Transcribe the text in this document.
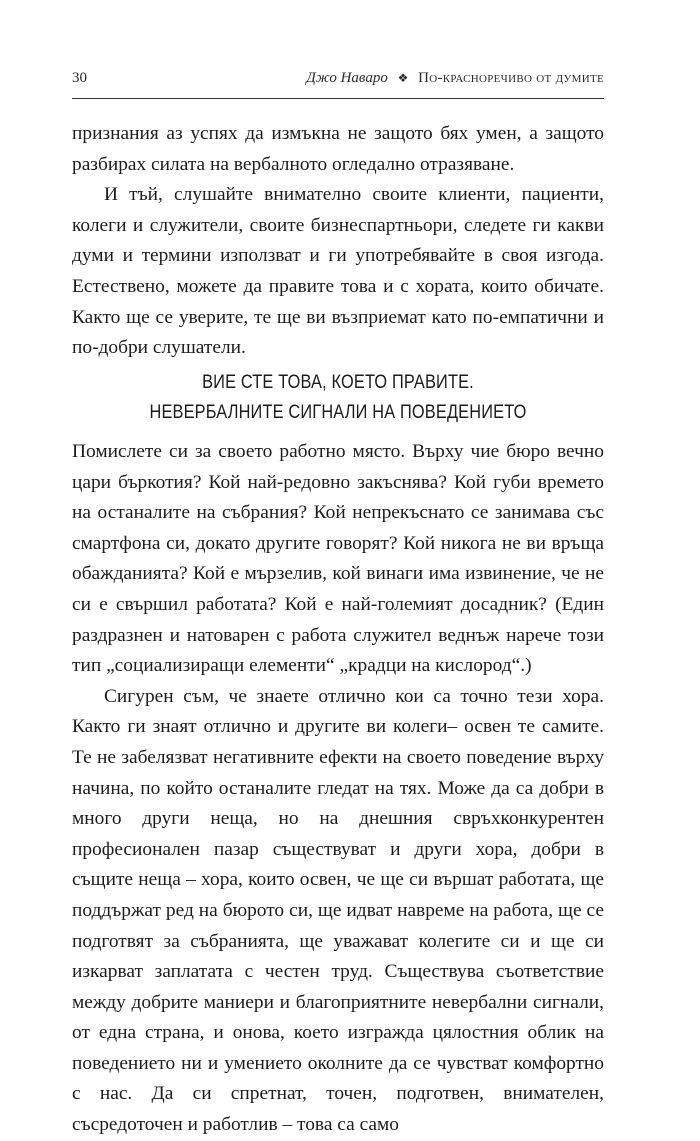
30	Джо Наваро ❖ По-красноречиво от думите

признания аз успях да измъкна не защото бях умен, а защото разбирах силата на вербалното огледално отразяване.

И тъй, слушайте внимателно своите клиенти, пациенти, колеги и служители, своите бизнеспартньори, следете ги какви думи и термини използват и ги употребявайте в своя изгода. Естествено, можете да правите това и с хората, които обичате. Както ще се уверите, те ще ви възприемат като по-емпатични и по-добри слушатели.

ВИЕ СТЕ ТОВА, КОЕТО ПРАВИТЕ.
НЕВЕРБАЛНИТЕ СИГНАЛИ НА ПОВЕДЕНИЕТО

Помислете си за своето работно място. Върху чие бюро вечно цари бъркотия? Кой най-редовно закъснява? Кой губи времето на останалите на събрания? Кой непрекъснато се занимава със смартфона си, докато другите говорят? Кой никога не ви връща обажданията? Кой е мързелив, кой винаги има извинение, че не си е свършил работата? Кой е най-големият досадник? (Един раздразнен и натоварен с работа служител веднъж нарече този тип „социализиращи елементи“ „крадци на кислород“.)

Сигурен съм, че знаете отлично кои са точно тези хора. Както ги знаят отлично и другите ви колеги– освен те самите. Те не забелязват негативните ефекти на своето поведение върху начина, по който останалите гледат на тях. Може да са добри в много други неща, но на днешния свръхконкурентен професионален пазар съществуват и други хора, добри в същите неща – хора, които освен, че ще си вършат работата, ще поддържат ред на бюрото си, ще идват навреме на работа, ще се подготвят за събранията, ще уважават колегите си и ще си изкарват заплатата с честен труд. Съществува съответствие между добрите маниери и благоприятните невербални сигнали, от една страна, и онова, което изгражда цялостния облик на поведението ни и умението околните да се чувстват комфортно с нас. Да си спретнат, точен, подготвен, внимателен, съсредоточен и работлив – това са само
